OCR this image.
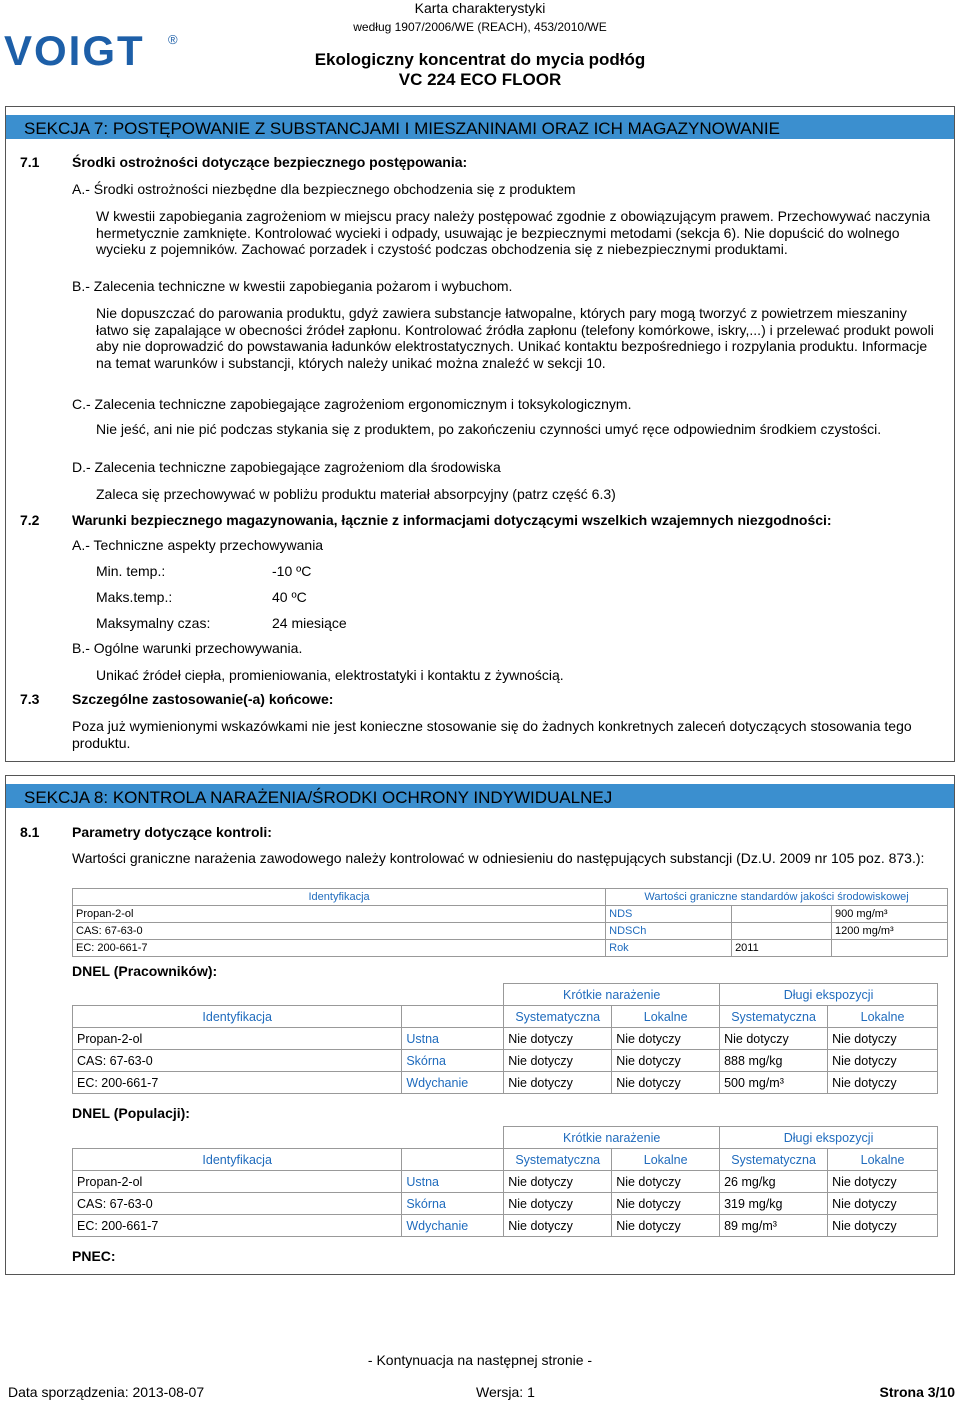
VOIGT ®
Karta charakterystyki
według 1907/2006/WE (REACH), 453/2010/WE
Ekologiczny koncentrat do mycia podłóg
VC 224 ECO FLOOR
SEKCJA 7: POSTĘPOWANIE Z SUBSTANCJAMI I MIESZANINAMI ORAZ ICH MAGAZYNOWANIE
7.1 Środki ostrożności dotyczące bezpiecznego postępowania:
A.- Środki ostrożności niezbędne dla bezpiecznego obchodzenia się z produktem
W kwestii zapobiegania zagrożeniom w miejscu pracy należy postępować zgodnie z obowiązującym prawem. Przechowywać naczynia hermetycznie zamknięte. Kontrolować wycieki i odpady, usuwając je bezpiecznymi metodami (sekcja 6). Nie dopuścić do wolnego wycieku z pojemników. Zachować porzadek i czystość podczas obchodzenia się z niebezpiecznymi produktami.
B.- Zalecenia techniczne w kwestii zapobiegania pożarom i wybuchom.
Nie dopuszczać do parowania produktu, gdyż zawiera substancje łatwopalne, których pary mogą tworzyć z powietrzem mieszaniny łatwo się zapalające w obecności źródeł zapłonu. Kontrolować źródła zapłonu (telefony komórkowe, iskry,...) i przelewać produkt powoli aby nie doprowadzić do powstawania ładunków elektrostatycznych. Unikać kontaktu bezpośredniego i rozpylania produktu. Informacje na temat warunków i substancji, których należy unikać można znaleźć w sekcji 10.
C.- Zalecenia techniczne zapobiegające zagrożeniom ergonomicznym i toksykologicznym.
Nie jeść, ani nie pić podczas stykania się z produktem, po zakończeniu czynności umyć ręce odpowiednim środkiem czystości.
D.- Zalecenia techniczne zapobiegające zagrożeniom dla środowiska
Zaleca się przechowywać w pobliżu produktu materiał absorpcyjny (patrz część 6.3)
7.2 Warunki bezpiecznego magazynowania, łącznie z informacjami dotyczącymi wszelkich wzajemnych niezgodności:
A.- Techniczne aspekty przechowywania
Min. temp.:	-10 ºC
Maks.temp.:	40 ºC
Maksymalny czas:	24 miesiące
B.- Ogólne warunki przechowywania.
Unikać źródeł ciepła, promieniowania, elektrostatyki i kontaktu z żywnością.
7.3 Szczególne zastosowanie(-a) końcowe:
Poza już wymienionymi wskazówkami nie jest konieczne stosowanie się do żadnych konkretnych zaleceń dotyczących stosowania tego produktu.
SEKCJA 8: KONTROLA NARAŻENIA/ŚRODKI OCHRONY INDYWIDUALNEJ
8.1 Parametry dotyczące kontroli:
Wartości graniczne narażenia zawodowego należy kontrolować w odniesieniu do następujących substancji (Dz.U. 2009 nr 105 poz. 873.):
Identyfikacja	Wartości graniczne standardów jakości środowiskowej		
Propan-2-ol	NDS		900 mg/m³
CAS: 67-63-0	NDSCh		1200 mg/m³
EC: 200-661-7	Rok	2011	
DNEL (Pracowników):
		Krótkie narażenie		Długi ekspozycji	
Identyfikacja		Systematyczna	Lokalne	Systematyczna	Lokalne
Propan-2-ol	Ustna	Nie dotyczy	Nie dotyczy	Nie dotyczy	Nie dotyczy
CAS: 67-63-0	Skórna	Nie dotyczy	Nie dotyczy	888 mg/kg	Nie dotyczy
EC: 200-661-7	Wdychanie	Nie dotyczy	Nie dotyczy	500 mg/m³	Nie dotyczy
DNEL (Populacji):
		Krótkie narażenie		Długi ekspozycji	
Identyfikacja		Systematyczna	Lokalne	Systematyczna	Lokalne
Propan-2-ol	Ustna	Nie dotyczy	Nie dotyczy	26 mg/kg	Nie dotyczy
CAS: 67-63-0	Skórna	Nie dotyczy	Nie dotyczy	319 mg/kg	Nie dotyczy
EC: 200-661-7	Wdychanie	Nie dotyczy	Nie dotyczy	89 mg/m³	Nie dotyczy
PNEC:
- Kontynuacja na następnej stronie -
Data sporządzenia: 2013-08-07	Wersja: 1	Strona 3/10
